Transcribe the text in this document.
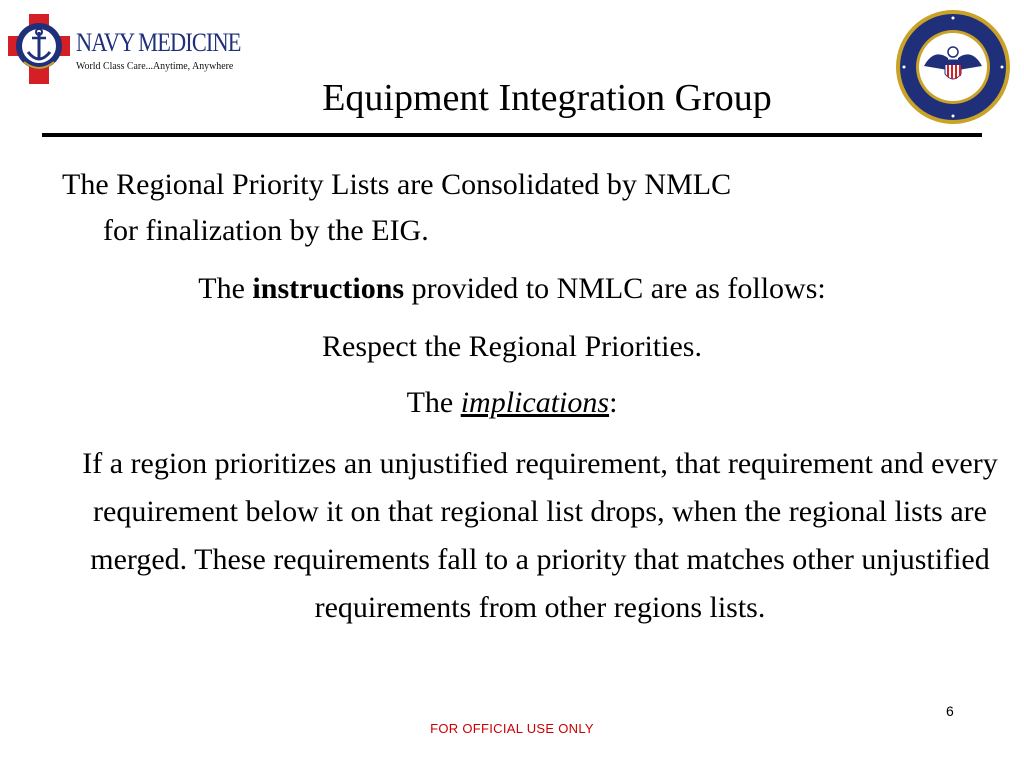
NAVY MEDICINE
World Class Care...Anytime, Anywhere
Equipment Integration Group
The Regional Priority Lists are Consolidated by NMLC
for finalization by the EIG.
The instructions provided to NMLC are as follows:
Respect the Regional Priorities.
The implications:
If a region prioritizes an unjustified requirement, that requirement and every requirement below it on that regional list drops, when the regional lists are merged. These requirements fall to a priority that matches other unjustified requirements from other regions lists.
6
FOR OFFICIAL USE ONLY
